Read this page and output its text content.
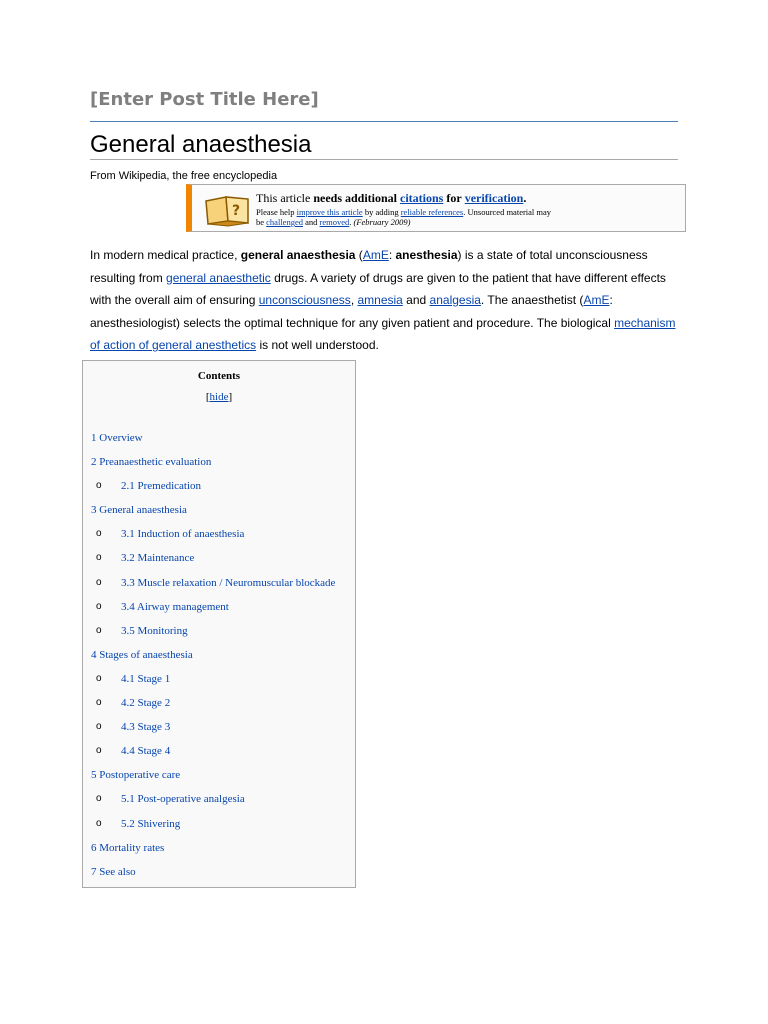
[Enter Post Title Here]
General anaesthesia
From Wikipedia, the free encyclopedia
?
This article needs additional citations for verification.
Please help improve this article by adding reliable references. Unsourced material may
be challenged and removed. (February 2009)
In modern medical practice, general anaesthesia (AmE: anesthesia) is a state of total unconsciousness resulting from general anaesthetic drugs. A variety of drugs are given to the patient that have different effects with the overall aim of ensuring unconsciousness, amnesia and analgesia. The anaesthetist (AmE: anesthesiologist) selects the optimal technique for any given patient and procedure. The biological mechanism of action of general anesthetics is not well understood.
Contents
[hide]
1 Overview
2 Preanaesthetic evaluation
o 2.1 Premedication
3 General anaesthesia
o 3.1 Induction of anaesthesia
o 3.2 Maintenance
o 3.3 Muscle relaxation / Neuromuscular blockade
o 3.4 Airway management
o 3.5 Monitoring
4 Stages of anaesthesia
o 4.1 Stage 1
o 4.2 Stage 2
o 4.3 Stage 3
o 4.4 Stage 4
5 Postoperative care
o 5.1 Post-operative analgesia
o 5.2 Shivering
6 Mortality rates
7 See also
